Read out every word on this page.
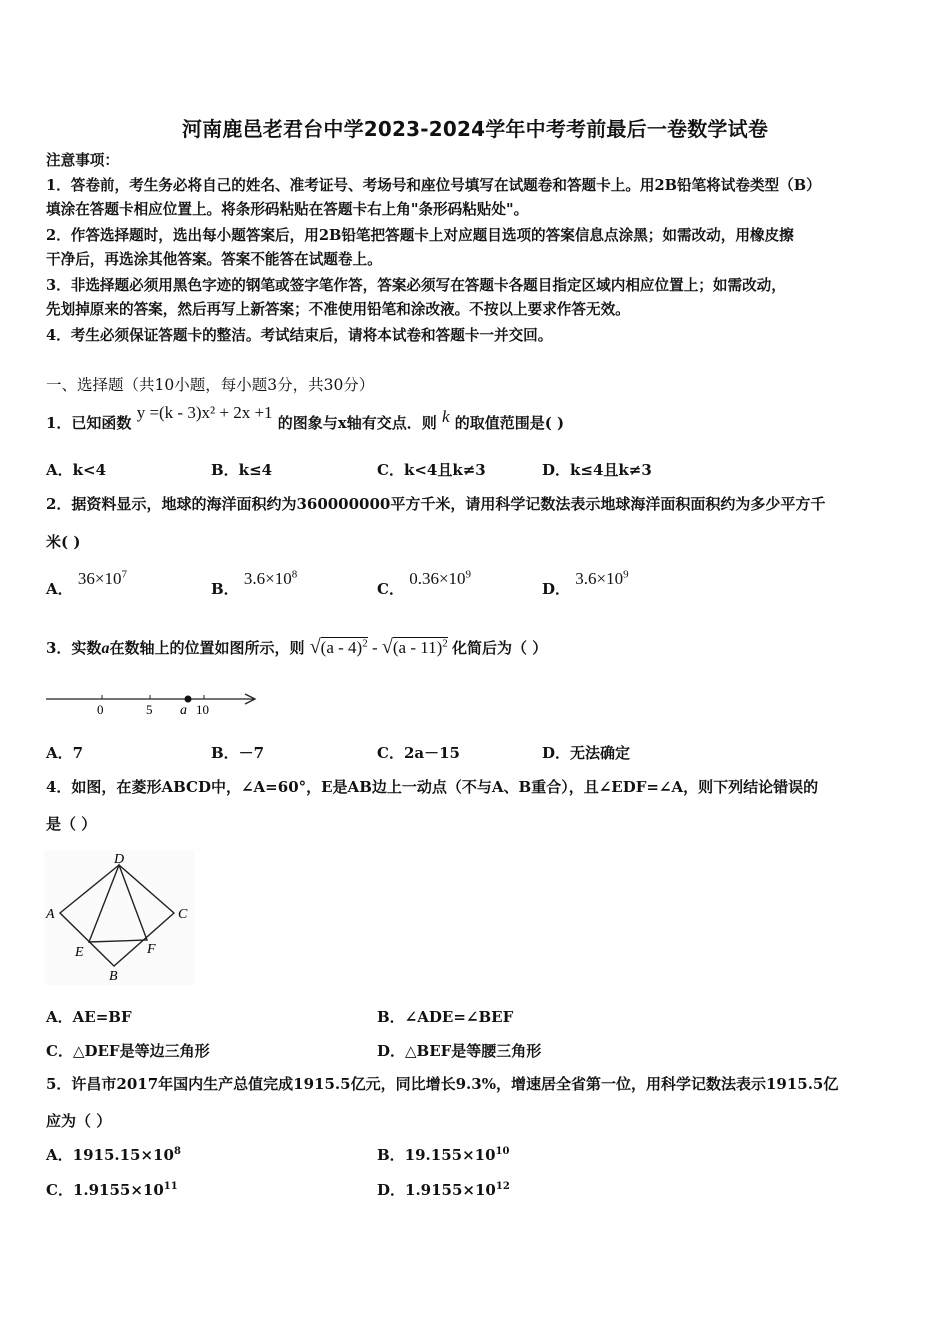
河南鹿邑老君台中学2023-2024学年中考考前最后一卷数学试卷
注意事项：
1．答卷前，考生务必将自己的姓名、准考证号、考场号和座位号填写在试题卷和答题卡上。用2B铅笔将试卷类型（B）
填涂在答题卡相应位置上。将条形码粘贴在答题卡右上角"条形码粘贴处"。
2．作答选择题时，选出每小题答案后，用2B铅笔把答题卡上对应题目选项的答案信息点涂黑；如需改动，用橡皮擦
干净后，再选涂其他答案。答案不能答在试题卷上。
3．非选择题必须用黑色字迹的钢笔或签字笔作答，答案必须写在答题卡各题目指定区域内相应位置上；如需改动，
先划掉原来的答案，然后再写上新答案；不准使用铅笔和涂改液。不按以上要求作答无效。
4．考生必须保证答题卡的整洁。考试结束后，请将本试卷和答题卡一并交回。
一、选择题（共10小题，每小题3分，共30分）
1．已知函数 y =(k - 3)x² + 2x +1 的图象与x轴有交点．则 k 的取值范围是( )
A．k<4	B．k≤4	C．k<4且k≠3	D．k≤4且k≠3
2．据资料显示，地球的海洋面积约为360000000平方千米，请用科学记数法表示地球海洋面积面积约为多少平方千
米( )
A． $36\times 10^7$
B． $3.6\times 10^8$
C． $0.36\times 10^9$
D． $3.6\times 10^9$
3．实数a在数轴上的位置如图所示，则 √(a - 4)$^2$ - √(a - 11)$^2$ 化简后为（ ）
0	5 a 10
A．7	B．－7	C．2a－15	D．无法确定
4．如图，在菱形ABCD中，∠A=60°，E是AB边上一动点（不与A、B重合），且∠EDF=∠A，则下列结论错误的
是（ ）
D
A	C
E	F
B
A．AE=BF	B．∠ADE=∠BEF
C．△DEF是等边三角形	D．△BEF是等腰三角形
5．许昌市2017年国内生产总值完成1915.5亿元，同比增长9.3%，增速居全省第一位，用科学记数法表示1915.5亿
应为（ ）
A．$1915.15\times 10^8$	B．$19.155\times 10^{10}$
C．$1.9155\times 10^{11}$	D．$1.9155\times 10^{12}$
